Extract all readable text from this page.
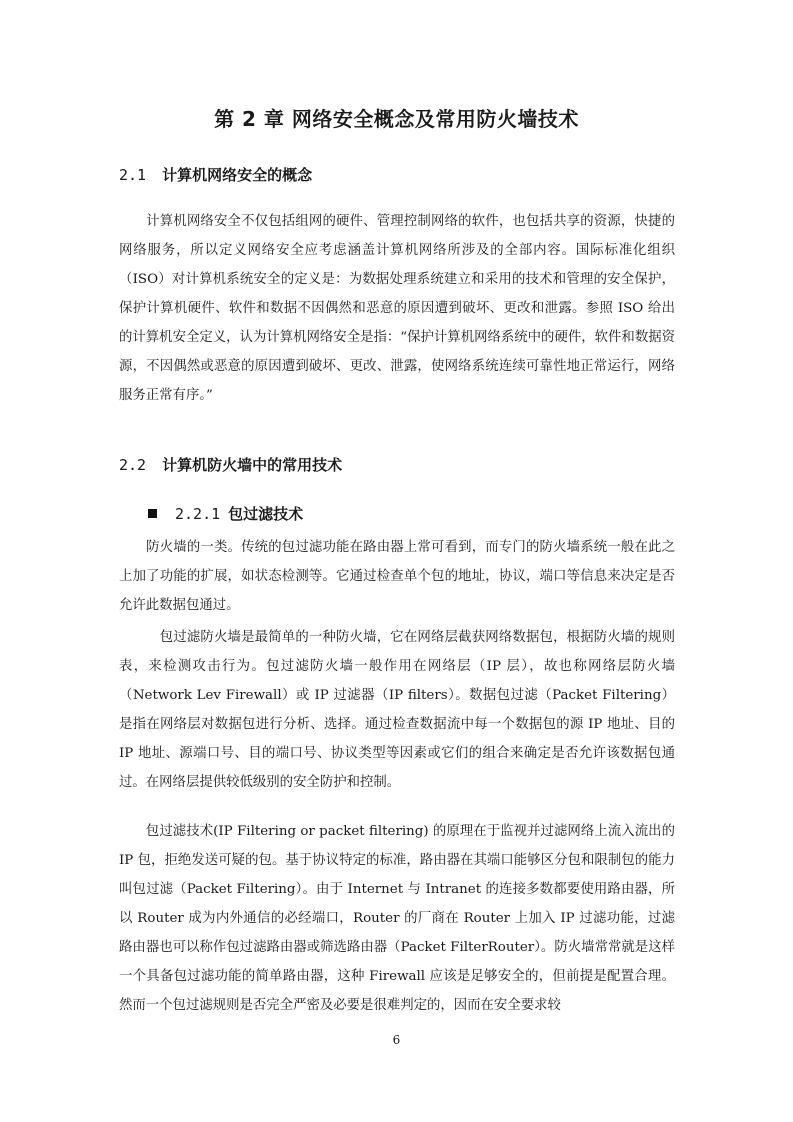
第 2 章 网络安全概念及常用防火墙技术
2.1 计算机网络安全的概念

　　计算机网络安全不仅包括组网的硬件、管理控制网络的软件，也包括共享的资源，快捷的网络服务，所以定义网络安全应考虑涵盖计算机网络所涉及的全部内容。国际标准化组织（ISO）对计算机系统安全的定义是：为数据处理系统建立和采用的技术和管理的安全保护，保护计算机硬件、软件和数据不因偶然和恶意的原因遭到破坏、更改和泄露。参照 ISO 给出的计算机安全定义，认为计算机网络安全是指：“保护计算机网络系统中的硬件，软件和数据资源，不因偶然或恶意的原因遭到破坏、更改、泄露，使网络系统连续可靠性地正常运行，网络服务正常有序。”

2.2 计算机防火墙中的常用技术
2.2.1 包过滤技术

　　防火墙的一类。传统的包过滤功能在路由器上常可看到，而专门的防火墙系统一般在此之上加了功能的扩展，如状态检测等。它通过检查单个包的地址，协议，端口等信息来决定是否允许此数据包通过。

　　　包过滤防火墙是最简单的一种防火墙，它在网络层截获网络数据包，根据防火墙的规则表，来检测攻击行为。包过滤防火墙一般作用在网络层（IP 层），故也称网络层防火墙（Network Lev Firewall）或 IP 过滤器（IP filters）。数据包过滤（Packet Filtering）是指在网络层对数据包进行分析、选择。通过检查数据流中每一个数据包的源 IP 地址、目的 IP 地址、源端口号、目的端口号、协议类型等因素或它们的组合来确定是否允许该数据包通过。在网络层提供较低级别的安全防护和控制。

　　包过滤技术(IP Filtering or packet filtering) 的原理在于监视并过滤网络上流入流出的 IP 包，拒绝发送可疑的包。基于协议特定的标准，路由器在其端口能够区分包和限制包的能力叫包过滤（Packet Filtering）。由于 Internet 与 Intranet 的连接多数都要使用路由器，所以 Router 成为内外通信的必经端口，Router 的厂商在 Router 上加入 IP 过滤功能，过滤路由器也可以称作包过滤路由器或筛选路由器（Packet FilterRouter）。防火墙常常就是这样一个具备包过滤功能的简单路由器，这种 Firewall 应该是足够安全的，但前提是配置合理。然而一个包过滤规则是否完全严密及必要是很难判定的，因而在安全要求较

6
